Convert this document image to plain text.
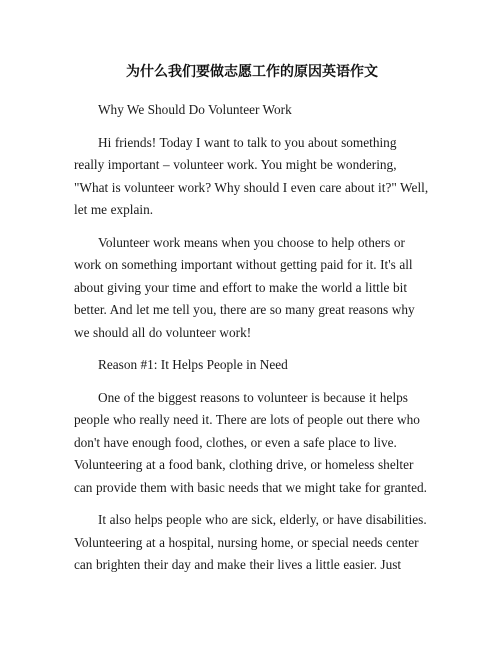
为什么我们要做志愿工作的原因英语作文

Why We Should Do Volunteer Work

Hi friends! Today I want to talk to you about something really important – volunteer work. You might be wondering, "What is volunteer work? Why should I even care about it?" Well, let me explain.

Volunteer work means when you choose to help others or work on something important without getting paid for it. It's all about giving your time and effort to make the world a little bit better. And let me tell you, there are so many great reasons why we should all do volunteer work!

Reason #1: It Helps People in Need

One of the biggest reasons to volunteer is because it helps people who really need it. There are lots of people out there who don't have enough food, clothes, or even a safe place to live. Volunteering at a food bank, clothing drive, or homeless shelter can provide them with basic needs that we might take for granted.

It also helps people who are sick, elderly, or have disabilities. Volunteering at a hospital, nursing home, or special needs center can brighten their day and make their lives a little easier. Just
